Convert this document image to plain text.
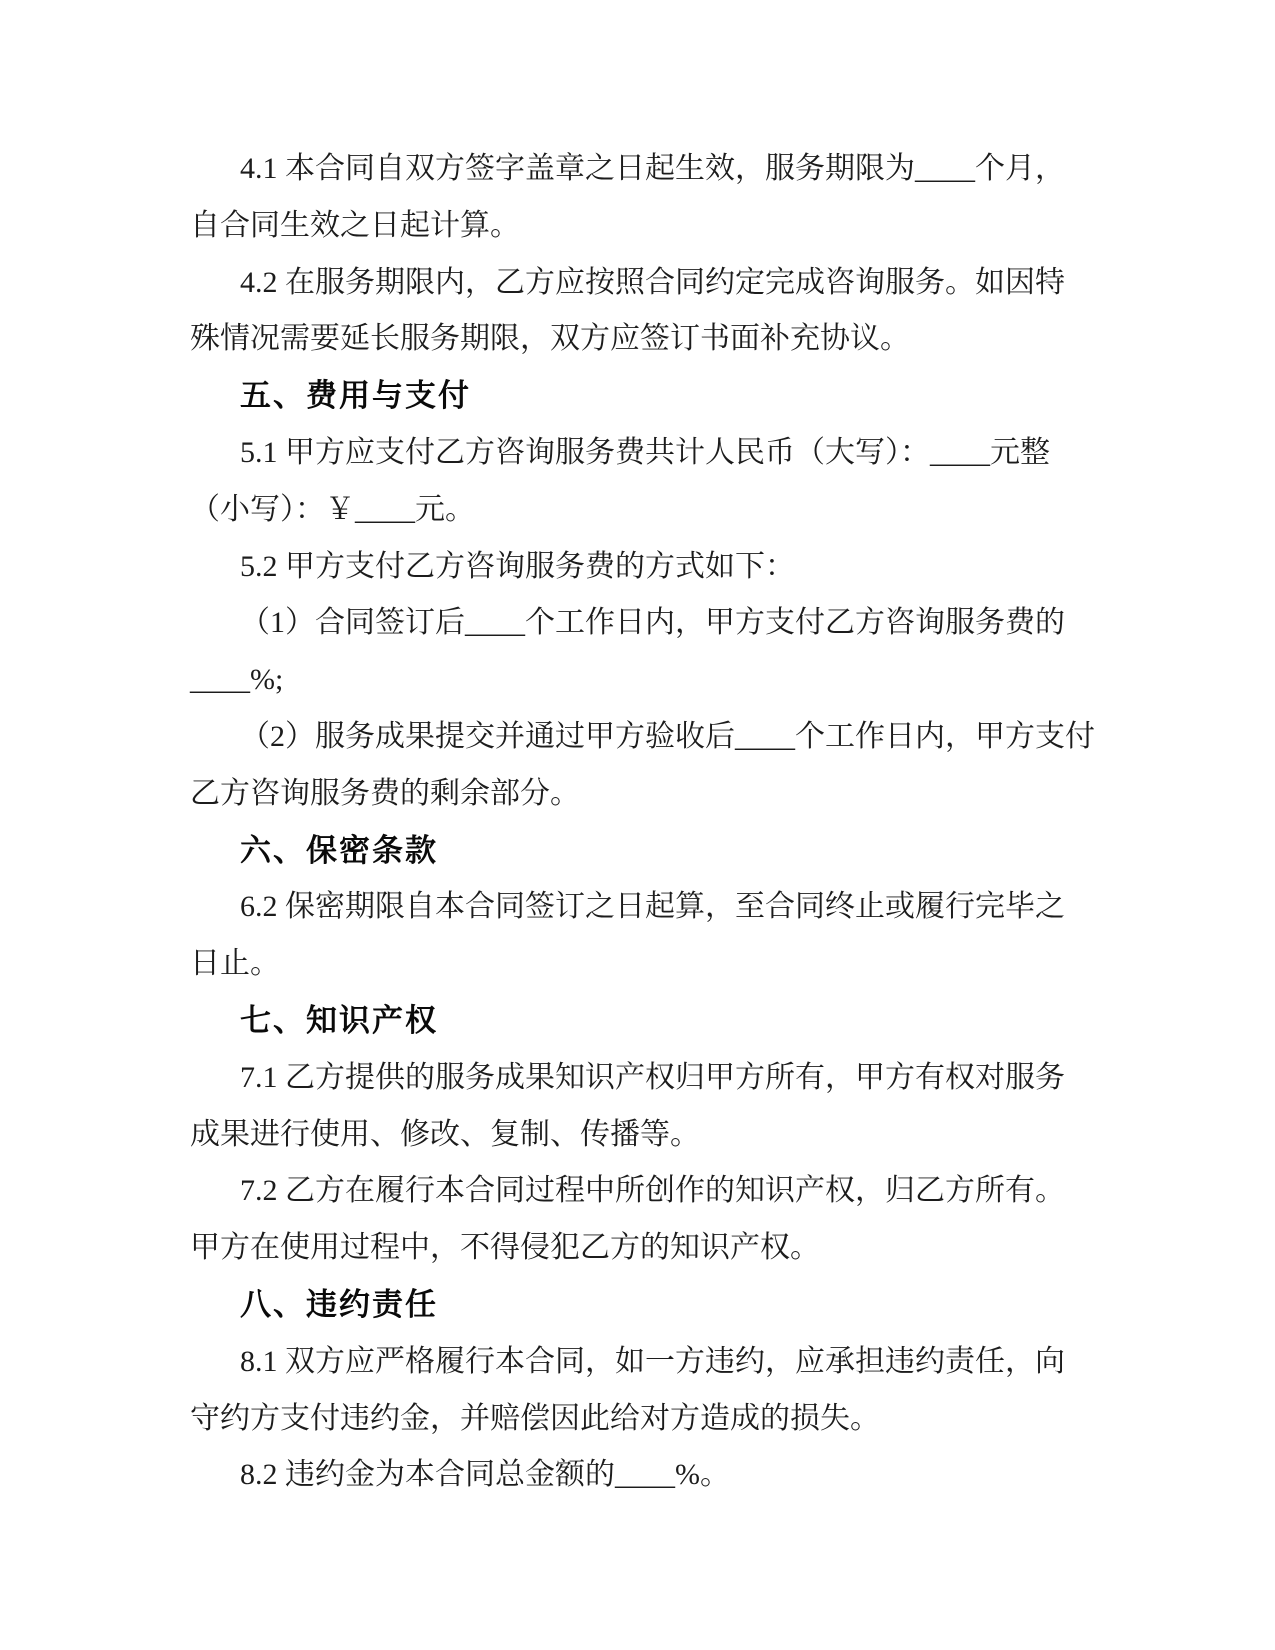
4.1 本合同自双方签字盖章之日起生效，服务期限为____个月，
自合同生效之日起计算。
4.2 在服务期限内，乙方应按照合同约定完成咨询服务。如因特
殊情况需要延长服务期限，双方应签订书面补充协议。
五、费用与支付
5.1 甲方应支付乙方咨询服务费共计人民币（大写）：____元整
（小写）：￥____元。
5.2 甲方支付乙方咨询服务费的方式如下：
（1）合同签订后____个工作日内，甲方支付乙方咨询服务费的
____%;
（2）服务成果提交并通过甲方验收后____个工作日内，甲方支付
乙方咨询服务费的剩余部分。
六、保密条款
6.2 保密期限自本合同签订之日起算，至合同终止或履行完毕之
日止。
七、知识产权
7.1 乙方提供的服务成果知识产权归甲方所有，甲方有权对服务
成果进行使用、修改、复制、传播等。
7.2 乙方在履行本合同过程中所创作的知识产权，归乙方所有。
甲方在使用过程中，不得侵犯乙方的知识产权。
八、违约责任
8.1 双方应严格履行本合同，如一方违约，应承担违约责任，向
守约方支付违约金，并赔偿因此给对方造成的损失。
8.2 违约金为本合同总金额的____%。
